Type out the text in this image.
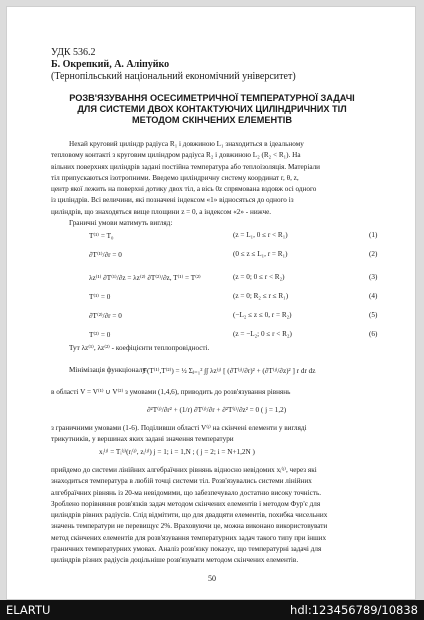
УДК 536.2
Б. Окрепкий, А. Аліпуйко
(Тернопільський національний економічний університет)
РОЗВ'ЯЗУВАННЯ ОСЕСИМЕТРИЧНОЇ ТЕМПЕРАТУРНОЇ ЗАДАЧІ
ДЛЯ СИСТЕМИ ДВОХ КОНТАКТУЮЧИХ ЦИЛІНДРИЧНИХ ТІЛ
МЕТОДОМ СКІНЧЕНИХ ЕЛЕМЕНТІВ
Нехай круговий циліндр радіуса R₁ і довжиною L₁ знаходиться в ідеальному
тепловому контакті з круговим циліндром радіуса R₂ і довжиною L₂ (R₂ < R₁). На
вільних поверхнях циліндрів задані постійна температура або теплоізоляція. Матеріали
тіл припускаються ізотропними. Введемо циліндричну систему координат r, θ, z,
центр якої лежить на поверхні дотику двох тіл, а вісь 0z спрямована вздовж осі одного
із циліндрів. Всі величини, які позначені індексом «1» відносяться до одного із
циліндрів, що знаходяться вище площини z = 0, а індексом «2» - нижче.
Граничні умови матимуть вигляд:
T⁽¹⁾ = T₀	(z = L₁, 0 ≤ r < R₁)	(1)
∂T⁽¹⁾/∂r = 0	(0 ≤ z ≤ L₁, r = R₁)	(2)
λz⁽¹⁾ ∂T⁽¹⁾/∂z = λz⁽²⁾ ∂T⁽²⁾/∂z, T⁽¹⁾ = T⁽²⁾	(z = 0; 0 ≤ r < R₂)	(3)
T⁽¹⁾ = 0	(z = 0; R₂ ≤ r ≤ R₁)	(4)
∂T⁽²⁾/∂r = 0	(−L₂ ≤ z ≤ 0, r = R₂)	(5)
T⁽²⁾ = 0	(z = −L₂; 0 ≤ r < R₂)	(6)
Тут λz⁽¹⁾, λz⁽²⁾ - коефіцієнти теплопровідності.
Мінімізація функціоналу
F(T⁽¹⁾,T⁽²⁾) = ½ Σⱼ₌₁² ∫∫ λz⁽ʲ⁾ [ (∂T⁽ʲ⁾/∂r)² + (∂T⁽ʲ⁾/∂z)² ] r dr dz
в області V = V⁽¹⁾ ∪ V⁽²⁾ з умовами (1,4,6), приводить до розв'язування рівнянь
∂²T⁽ʲ⁾/∂r² + (1/r) ∂T⁽ʲ⁾/∂r + ∂²T⁽ʲ⁾/∂z² = 0 ( j = 1,2)
з граничними умовами (1-6). Поділивши області V⁽ʲ⁾ на скінчені елементи у вигляді
трикутників, у вершинах яких задані значення температури
xᵢ⁽ʲ⁾ = Tᵢ⁽ʲ⁾(rᵢ⁽ʲ⁾, zᵢ⁽ʲ⁾) j = 1; i = 1,N ; ( j = 2; i = N+1,2N )
прийдемо до системи лінійних алгебраїчних рівнянь відносно невідомих xᵢ⁽ʲ⁾, через які
знаходиться температура в любій точці системи тіл. Розв'язувались системи лінійних
алгебраїчних рівнянь із 20-ма невідомими, що забезпечувало достатню високу точність.
Зроблено порівняння розв'язків задач методом скінчених елементів і методом Фур'є для
циліндрів рівних радіусів. Слід відмітити, що для двадцяти елементів, похибка чисельних
значень температури не перевищує 2%. Враховуючи це, можна виконано використовувати
метод скінчених елементів для розв'язування температурних задач такого типу при інших
граничних температурних умовах. Аналіз розв'язку показує, що температурні задачі для
циліндрів різних радіусів доцільніше розв'язувати методом скінчених елементів.
50
ELARTU	hdl:123456789/10838
